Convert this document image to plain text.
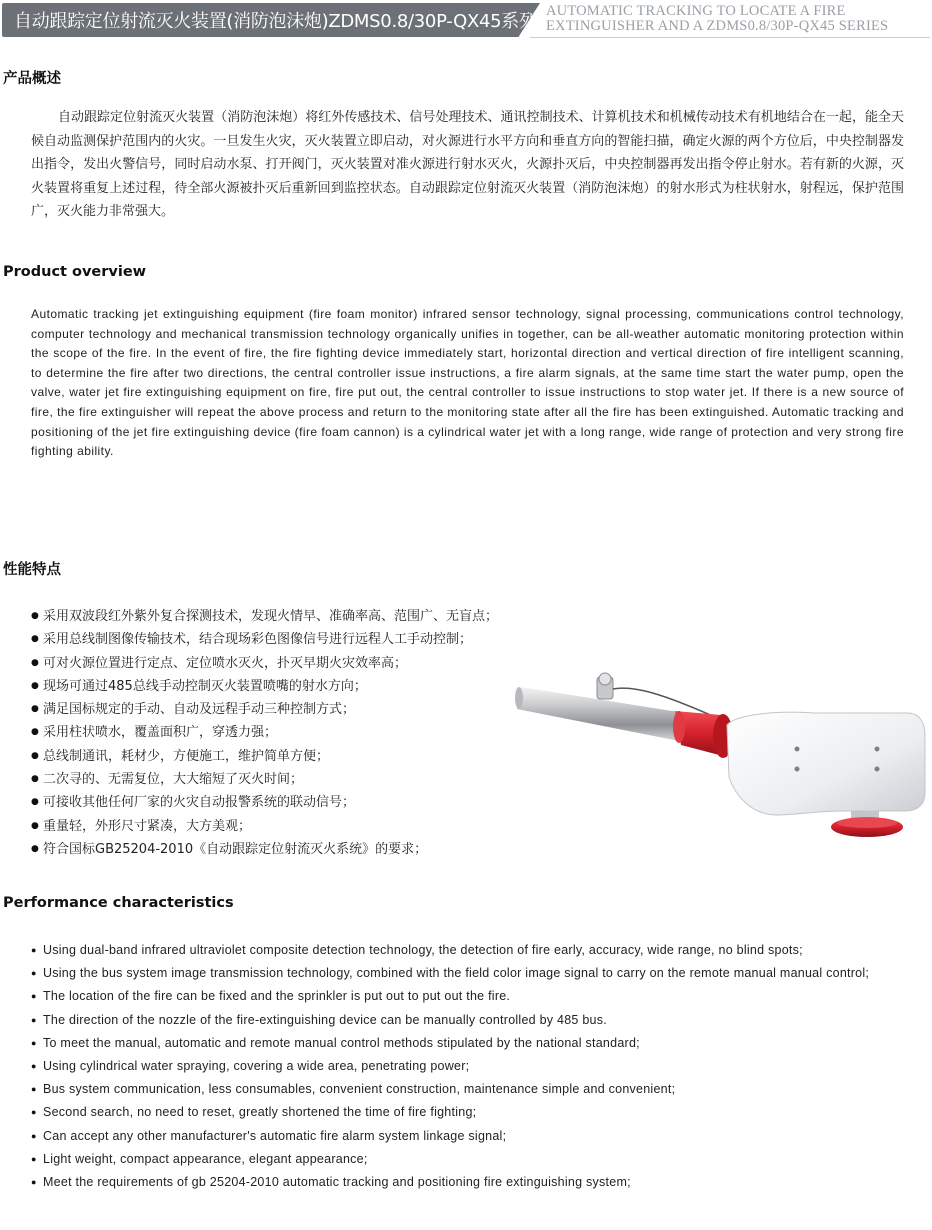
自动跟踪定位射流灭火装置(消防泡沫炮)ZDMS0.8/30P-QX45系列 AUTOMATIC TRACKING TO LOCATE A FIRE
EXTINGUISHER AND A ZDMS0.8/30P-QX45 SERIES
产品概述

自动跟踪定位射流灭火装置（消防泡沫炮）将红外传感技术、信号处理技术、通讯控制技术、计算机技术和机械传动技术有机地结合在一起，能全天候自动监测保护范围内的火灾。一旦发生火灾，灭火装置立即启动，对火源进行水平方向和垂直方向的智能扫描，确定火源的两个方位后，中央控制器发出指令，发出火警信号，同时启动水泵、打开阀门，灭火装置对准火源进行射水灭火，火源扑灭后，中央控制器再发出指令停止射水。若有新的火源，灭火装置将重复上述过程，待全部火源被扑灭后重新回到监控状态。自动跟踪定位射流灭火装置（消防泡沫炮）的射水形式为柱状射水，射程远，保护范围广，灭火能力非常强大。

Product overview

Automatic tracking jet extinguishing equipment (fire foam monitor) infrared sensor technology, signal processing, communications control technology, computer technology and mechanical transmission technology organically unifies in together, can be all-weather automatic monitoring protection within the scope of the fire. In the event of fire, the fire fighting device immediately start, horizontal direction and vertical direction of fire intelligent scanning, to determine the fire after two directions, the central controller issue instructions, a fire alarm signals, at the same time start the water pump, open the valve, water jet fire extinguishing equipment on fire, fire put out, the central controller to issue instructions to stop water jet. If there is a new source of fire, the fire extinguisher will repeat the above process and return to the monitoring state after all the fire has been extinguished. Automatic tracking and positioning of the jet fire extinguishing device (fire foam cannon) is a cylindrical water jet with a long range, wide range of protection and very strong fire fighting ability.

性能特点
● 采用双波段红外紫外复合探测技术，发现火情早、准确率高、范围广、无盲点；
● 采用总线制图像传输技术，结合现场彩色图像信号进行远程人工手动控制；
● 可对火源位置进行定点、定位喷水灭火，扑灭早期火灾效率高；
● 现场可通过485总线手动控制灭火装置喷嘴的射水方向；
● 满足国标规定的手动、自动及远程手动三种控制方式；
● 采用柱状喷水，覆盖面积广，穿透力强；
● 总线制通讯，耗材少，方便施工，维护简单方便；
● 二次寻的、无需复位，大大缩短了灭火时间；
● 可接收其他任何厂家的火灾自动报警系统的联动信号；
● 重量轻，外形尺寸紧凑，大方美观；
● 符合国标GB25204-2010《自动跟踪定位射流灭火系统》的要求；
Performance characteristics
● Using dual-band infrared ultraviolet composite detection technology, the detection of fire early, accuracy, wide range, no blind spots;
● Using the bus system image transmission technology, combined with the field color image signal to carry on the remote manual manual control;
● The location of the fire can be fixed and the sprinkler is put out to put out the fire.
● The direction of the nozzle of the fire-extinguishing device can be manually controlled by 485 bus.
● To meet the manual, automatic and remote manual control methods stipulated by the national standard;
● Using cylindrical water spraying, covering a wide area, penetrating power;
● Bus system communication, less consumables, convenient construction, maintenance simple and convenient;
● Second search, no need to reset, greatly shortened the time of fire fighting;
● Can accept any other manufacturer's automatic fire alarm system linkage signal;
● Light weight, compact appearance, elegant appearance;
● Meet the requirements of gb 25204-2010 automatic tracking and positioning fire extinguishing system;
